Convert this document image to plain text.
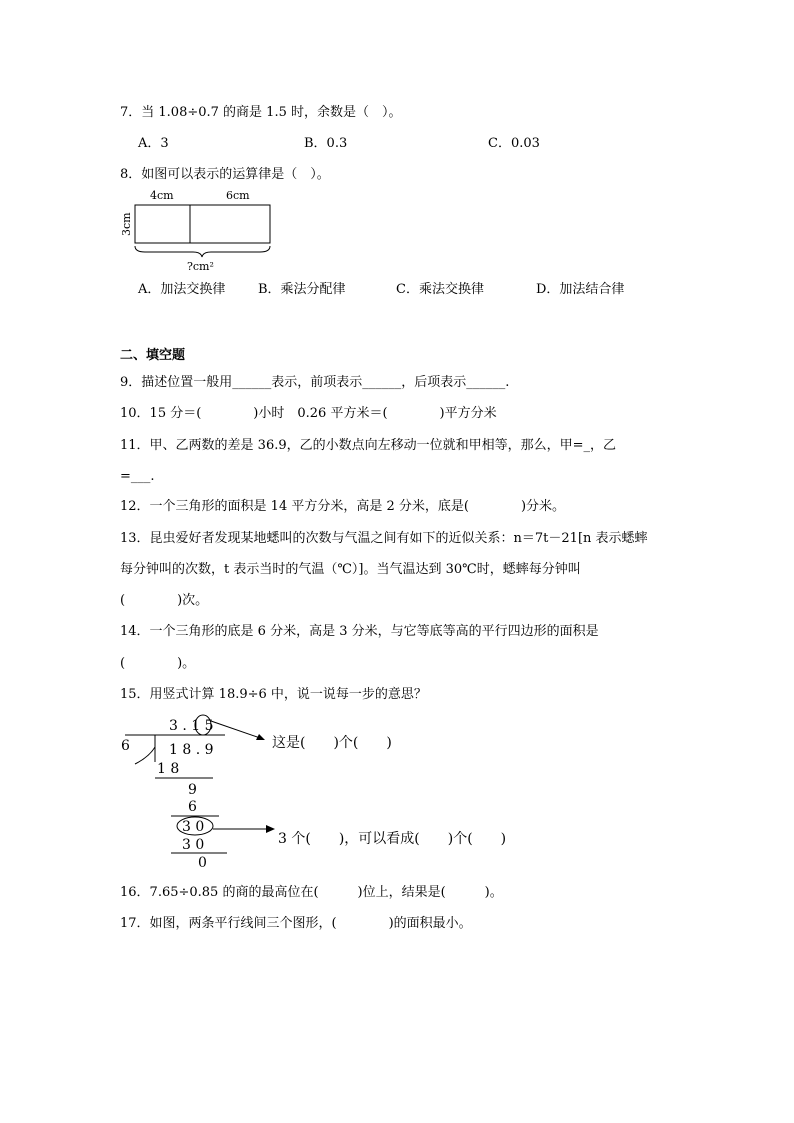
7．当 1.08÷0.7 的商是 1.5 时，余数是（　）。
A．3	B．0.3	C．0.03
8．如图可以表示的运算律是（　）。
4cm	6cm
3cm
?cm²
A．加法交换律	B．乘法分配律	C．乘法交换律	D．加法结合律
二、填空题
9．描述位置一般用______表示，前项表示______，后项表示______.
10．15 分＝(　　　　)小时　0.26 平方米＝(　　　　)平方分米
11．甲、乙两数的差是 36.9，乙的小数点向左移动一位就和甲相等，那么，甲=_，乙
=___.
12．一个三角形的面积是 14 平方分米，高是 2 分米，底是(　　　　)分米。
13．昆虫爱好者发现某地蟋叫的次数与气温之间有如下的近似关系：n＝7t－21[n 表示蟋蟀
每分钟叫的次数，t 表示当时的气温（℃）]。当气温达到 30℃时，蟋蟀每分钟叫
(　　　　)次。
14．一个三角形的底是 6 分米，高是 3 分米，与它等底等高的平行四边形的面积是
(　　　　)。
15．用竖式计算 18.9÷6 中，说一说每一步的意思？
3 . 1 5
6	1 8 . 9
1 8
9
6
3 0
3 0
0
这是(　　)个(　　)
3 个(　　)，可以看成(　　)个(　　)
16．7.65÷0.85 的商的最高位在(　　　)位上，结果是(　　　)。
17．如图，两条平行线间三个图形，(　　　　)的面积最小。
